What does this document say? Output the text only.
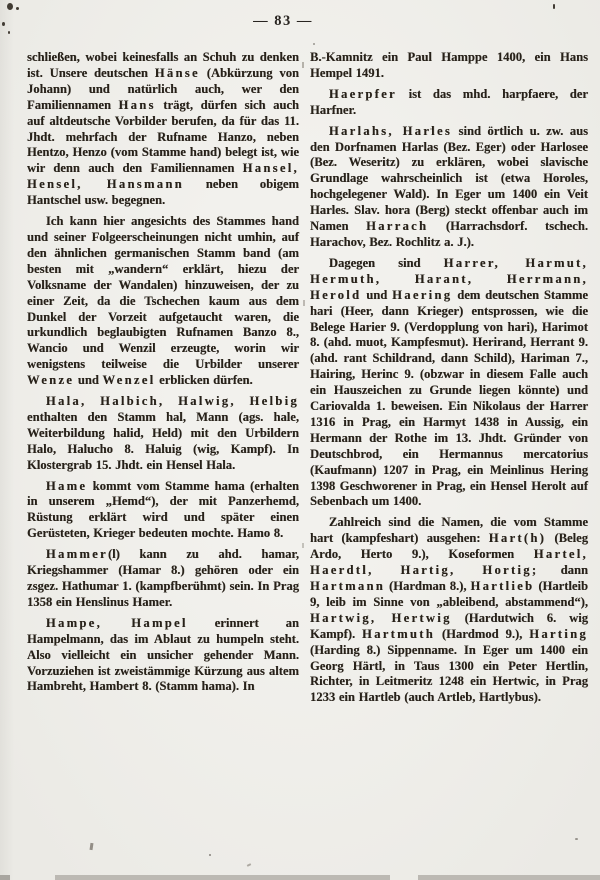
— 83 —

schließen, wobei keinesfalls an Schuh zu denken ist. Unsere deutschen Hänse (Abkürzung von Johann) und natürlich auch, wer den Familiennamen Hans trägt, dürfen sich auch auf altdeutsche Vorbilder berufen, da für das 11. Jhdt. mehrfach der Rufname Hanzo, neben Hentzo, Henzo (vom Stamme hand) belegt ist, wie wir denn auch den Familiennamen Hansel, Hensel, Hansmann neben obigem Hantschel usw. begegnen.

Ich kann hier angesichts des Stammes hand und seiner Folgeerscheinungen nicht umhin, auf den ähnlichen germanischen Stamm band (am besten mit „wandern“ erklärt, hiezu der Volksname der Wandalen) hinzuweisen, der zu einer Zeit, da die Tschechen kaum aus dem Dunkel der Vorzeit aufgetaucht waren, die urkundlich beglaubigten Rufnamen Banzo 8., Wancio und Wenzil erzeugte, worin wir wenigstens teilweise die Urbilder unserer Wenze und Wenzel erblicken dürfen.

Hala, Halbich, Halwig, Helbig enthalten den Stamm hal, Mann (ags. hale, Weiterbildung halid, Held) mit den Urbildern Halo, Halucho 8. Haluig (wig, Kampf). In Klostergrab 15. Jhdt. ein Hensel Hala.

Hame kommt vom Stamme hama (erhalten in unserem „Hemd“), der mit Panzerhemd, Rüstung erklärt wird und später einen Gerüsteten, Krieger bedeuten mochte. Hamo 8.

Hammer(l) kann zu ahd. hamar, Kriegshammer (Hamar 8.) gehören oder ein zsgez. Hathumar 1. (kampfberühmt) sein. In Prag 1358 ein Henslinus Hamer.

Hampe, Hampel erinnert an Hampelmann, das im Ablaut zu humpeln steht. Also vielleicht ein unsicher gehender Mann. Vorzuziehen ist zweistämmige Kürzung aus altem Hambreht, Hambert 8. (Stamm hama). In

B.-Kamnitz ein Paul Hamppe 1400, ein Hans Hempel 1491.

Haerpfer ist das mhd. harpfaere, der Harfner.

Harlahs, Harles sind örtlich u. zw. aus den Dorfnamen Harlas (Bez. Eger) oder Harlosee (Bez. Weseritz) zu erklären, wobei slavische Grundlage wahrscheinlich ist (etwa Horoles, hochgelegener Wald). In Eger um 1400 ein Veit Harles. Slav. hora (Berg) steckt offenbar auch im Namen Harrach (Harrachsdorf. tschech. Harachov, Bez. Rochlitz a. J.).

Dagegen sind Harrer, Harmut, Hermuth, Harant, Herrmann, Herold und Haering dem deutschen Stamme hari (Heer, dann Krieger) entsprossen, wie die Belege Harier 9. (Verdopplung von hari), Harimot 8. (ahd. muot, Kampfesmut). Herirand, Herrant 9. (ahd. rant Schildrand, dann Schild), Hariman 7., Hairing, Herinc 9. (obzwar in diesem Falle auch ein Hauszeichen zu Grunde liegen könnte) und Cariovalda 1. beweisen. Ein Nikolaus der Harrer 1316 in Prag, ein Harmyt 1438 in Aussig, ein Hermann der Rothe im 13. Jhdt. Gründer von Deutschbrod, ein Hermannus mercatorius (Kaufmann) 1207 in Prag, ein Meinlinus Hering 1398 Geschworener in Prag, ein Hensel Herolt auf Sebenbach um 1400.

Zahlreich sind die Namen, die vom Stamme hart (kampfeshart) ausgehen: Hart(h) (Beleg Ardo, Herto 9.), Koseformen Hartel, Haerdtl, Hartig, Hortig; dann Hartmann (Hardman 8.), Hartlieb (Hartleib 9, leib im Sinne von „ableibend, abstammend“), Hartwig, Hertwig (Hardutwich 6. wig Kampf). Hartmuth (Hardmod 9.), Harting (Harding 8.) Sippenname. In Eger um 1400 ein Georg Härtl, in Taus 1300 ein Peter Hertlin, Richter, in Leitmeritz 1248 ein Hertwic, in Prag 1233 ein Hartleb (auch Artleb, Hartlybus).
